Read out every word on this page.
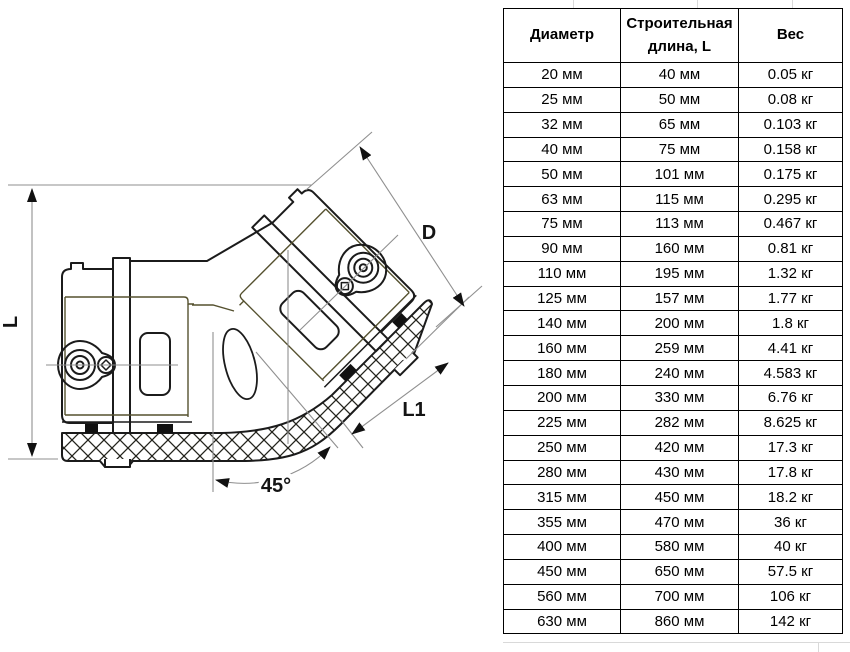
L
D
L1
45°
Диаметр	Строительная длина, L	Вес
20 мм	40 мм	0.05 кг
25 мм	50 мм	0.08 кг
32 мм	65 мм	0.103 кг
40 мм	75 мм	0.158 кг
50 мм	101 мм	0.175 кг
63 мм	115 мм	0.295 кг
75 мм	113 мм	0.467 кг
90 мм	160 мм	0.81 кг
110 мм	195 мм	1.32 кг
125 мм	157 мм	1.77 кг
140 мм	200 мм	1.8 кг
160 мм	259 мм	4.41 кг
180 мм	240 мм	4.583 кг
200 мм	330 мм	6.76 кг
225 мм	282 мм	8.625 кг
250 мм	420 мм	17.3 кг
280 мм	430 мм	17.8 кг
315 мм	450 мм	18.2 кг
355 мм	470 мм	36 кг
400 мм	580 мм	40 кг
450 мм	650 мм	57.5 кг
560 мм	700 мм	106 кг
630 мм	860 мм	142 кг
